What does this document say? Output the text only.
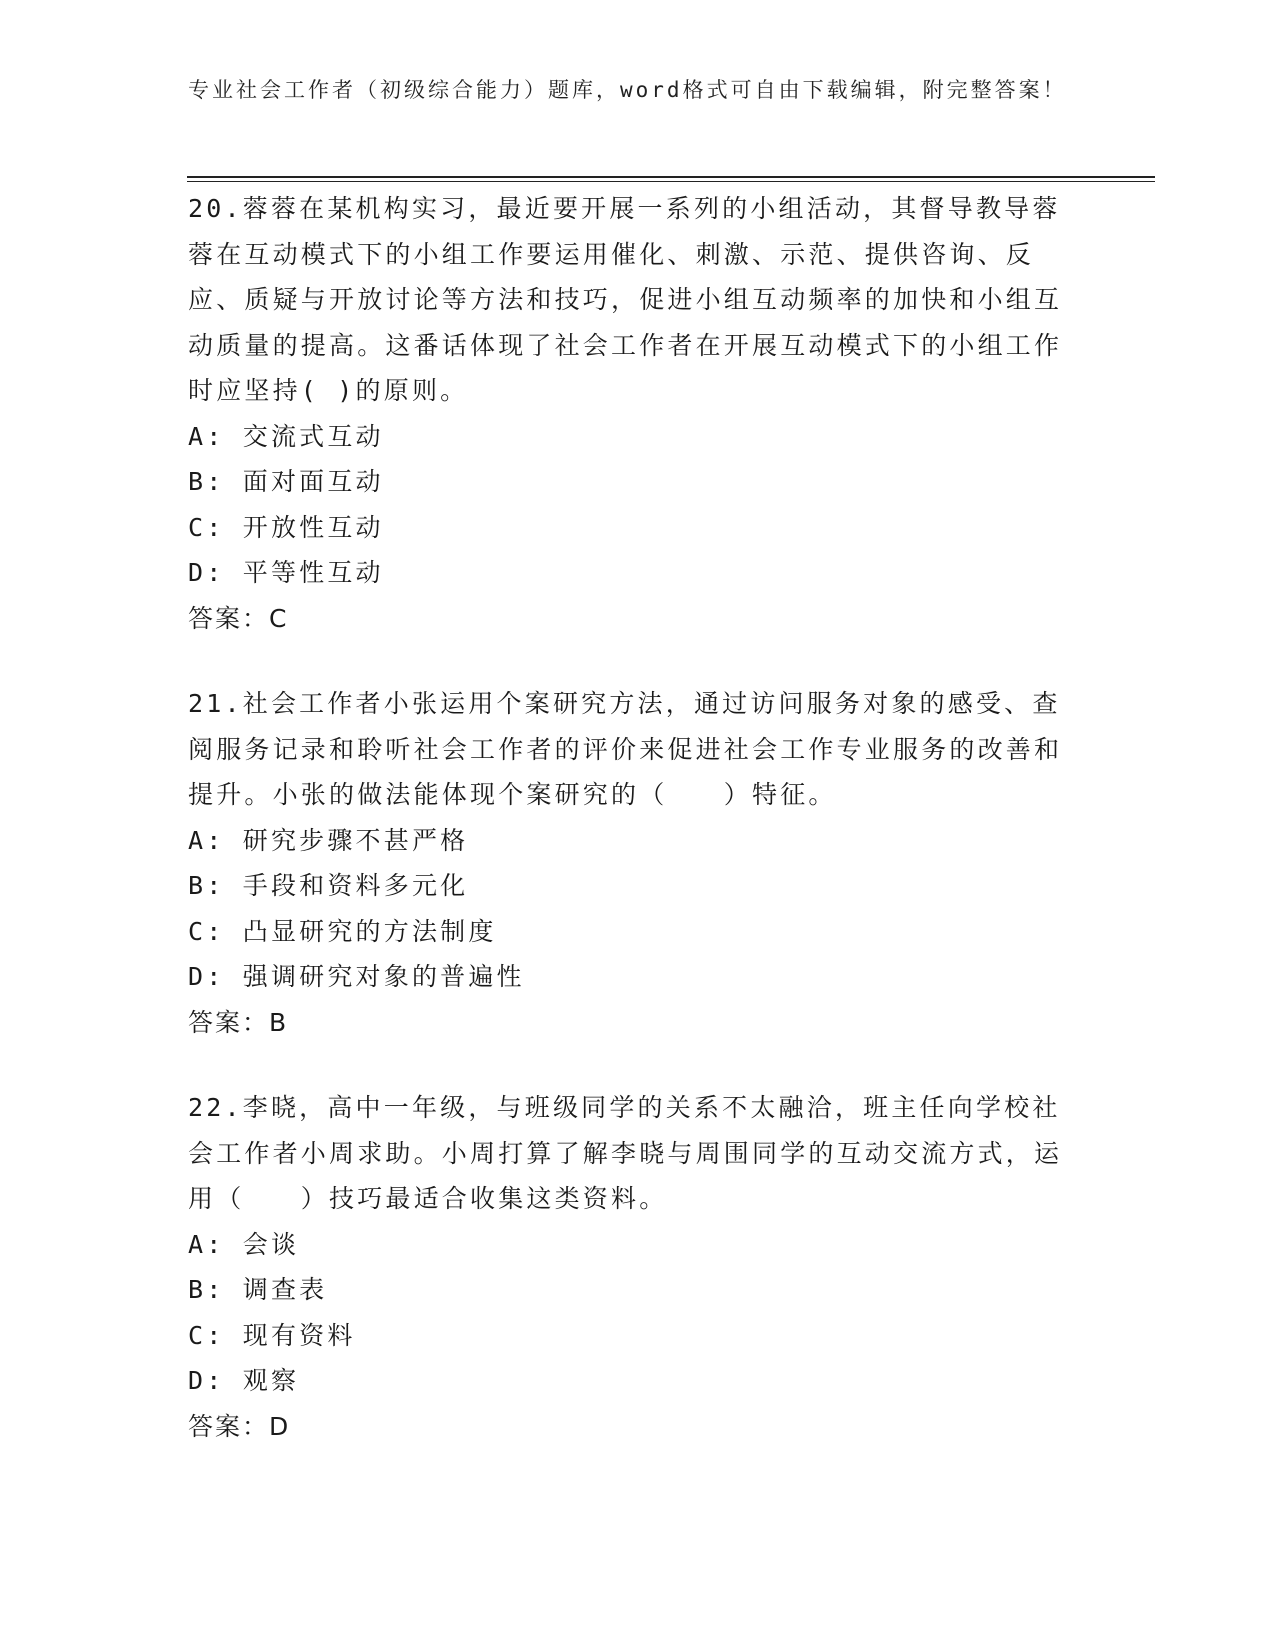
专业社会工作者（初级综合能力）题库，word格式可自由下载编辑，附完整答案！

20.蓉蓉在某机构实习，最近要开展一系列的小组活动，其督导教导蓉蓉在互动模式下的小组工作要运用催化、刺激、示范、提供咨询、反应、质疑与开放讨论等方法和技巧，促进小组互动频率的加快和小组互动质量的提高。这番话体现了社会工作者在开展互动模式下的小组工作时应坚持( )的原则。

A: 交流式互动

B: 面对面互动

C: 开放性互动

D: 平等性互动

答案：C

21.社会工作者小张运用个案研究方法，通过访问服务对象的感受、查阅服务记录和聆听社会工作者的评价来促进社会工作专业服务的改善和提升。小张的做法能体现个案研究的（　　）特征。

A: 研究步骤不甚严格

B: 手段和资料多元化

C: 凸显研究的方法制度

D: 强调研究对象的普遍性

答案：B

22.李晓，高中一年级，与班级同学的关系不太融洽，班主任向学校社会工作者小周求助。小周打算了解李晓与周围同学的互动交流方式，运用（　　）技巧最适合收集这类资料。

A: 会谈

B: 调查表

C: 现有资料

D: 观察

答案：D
